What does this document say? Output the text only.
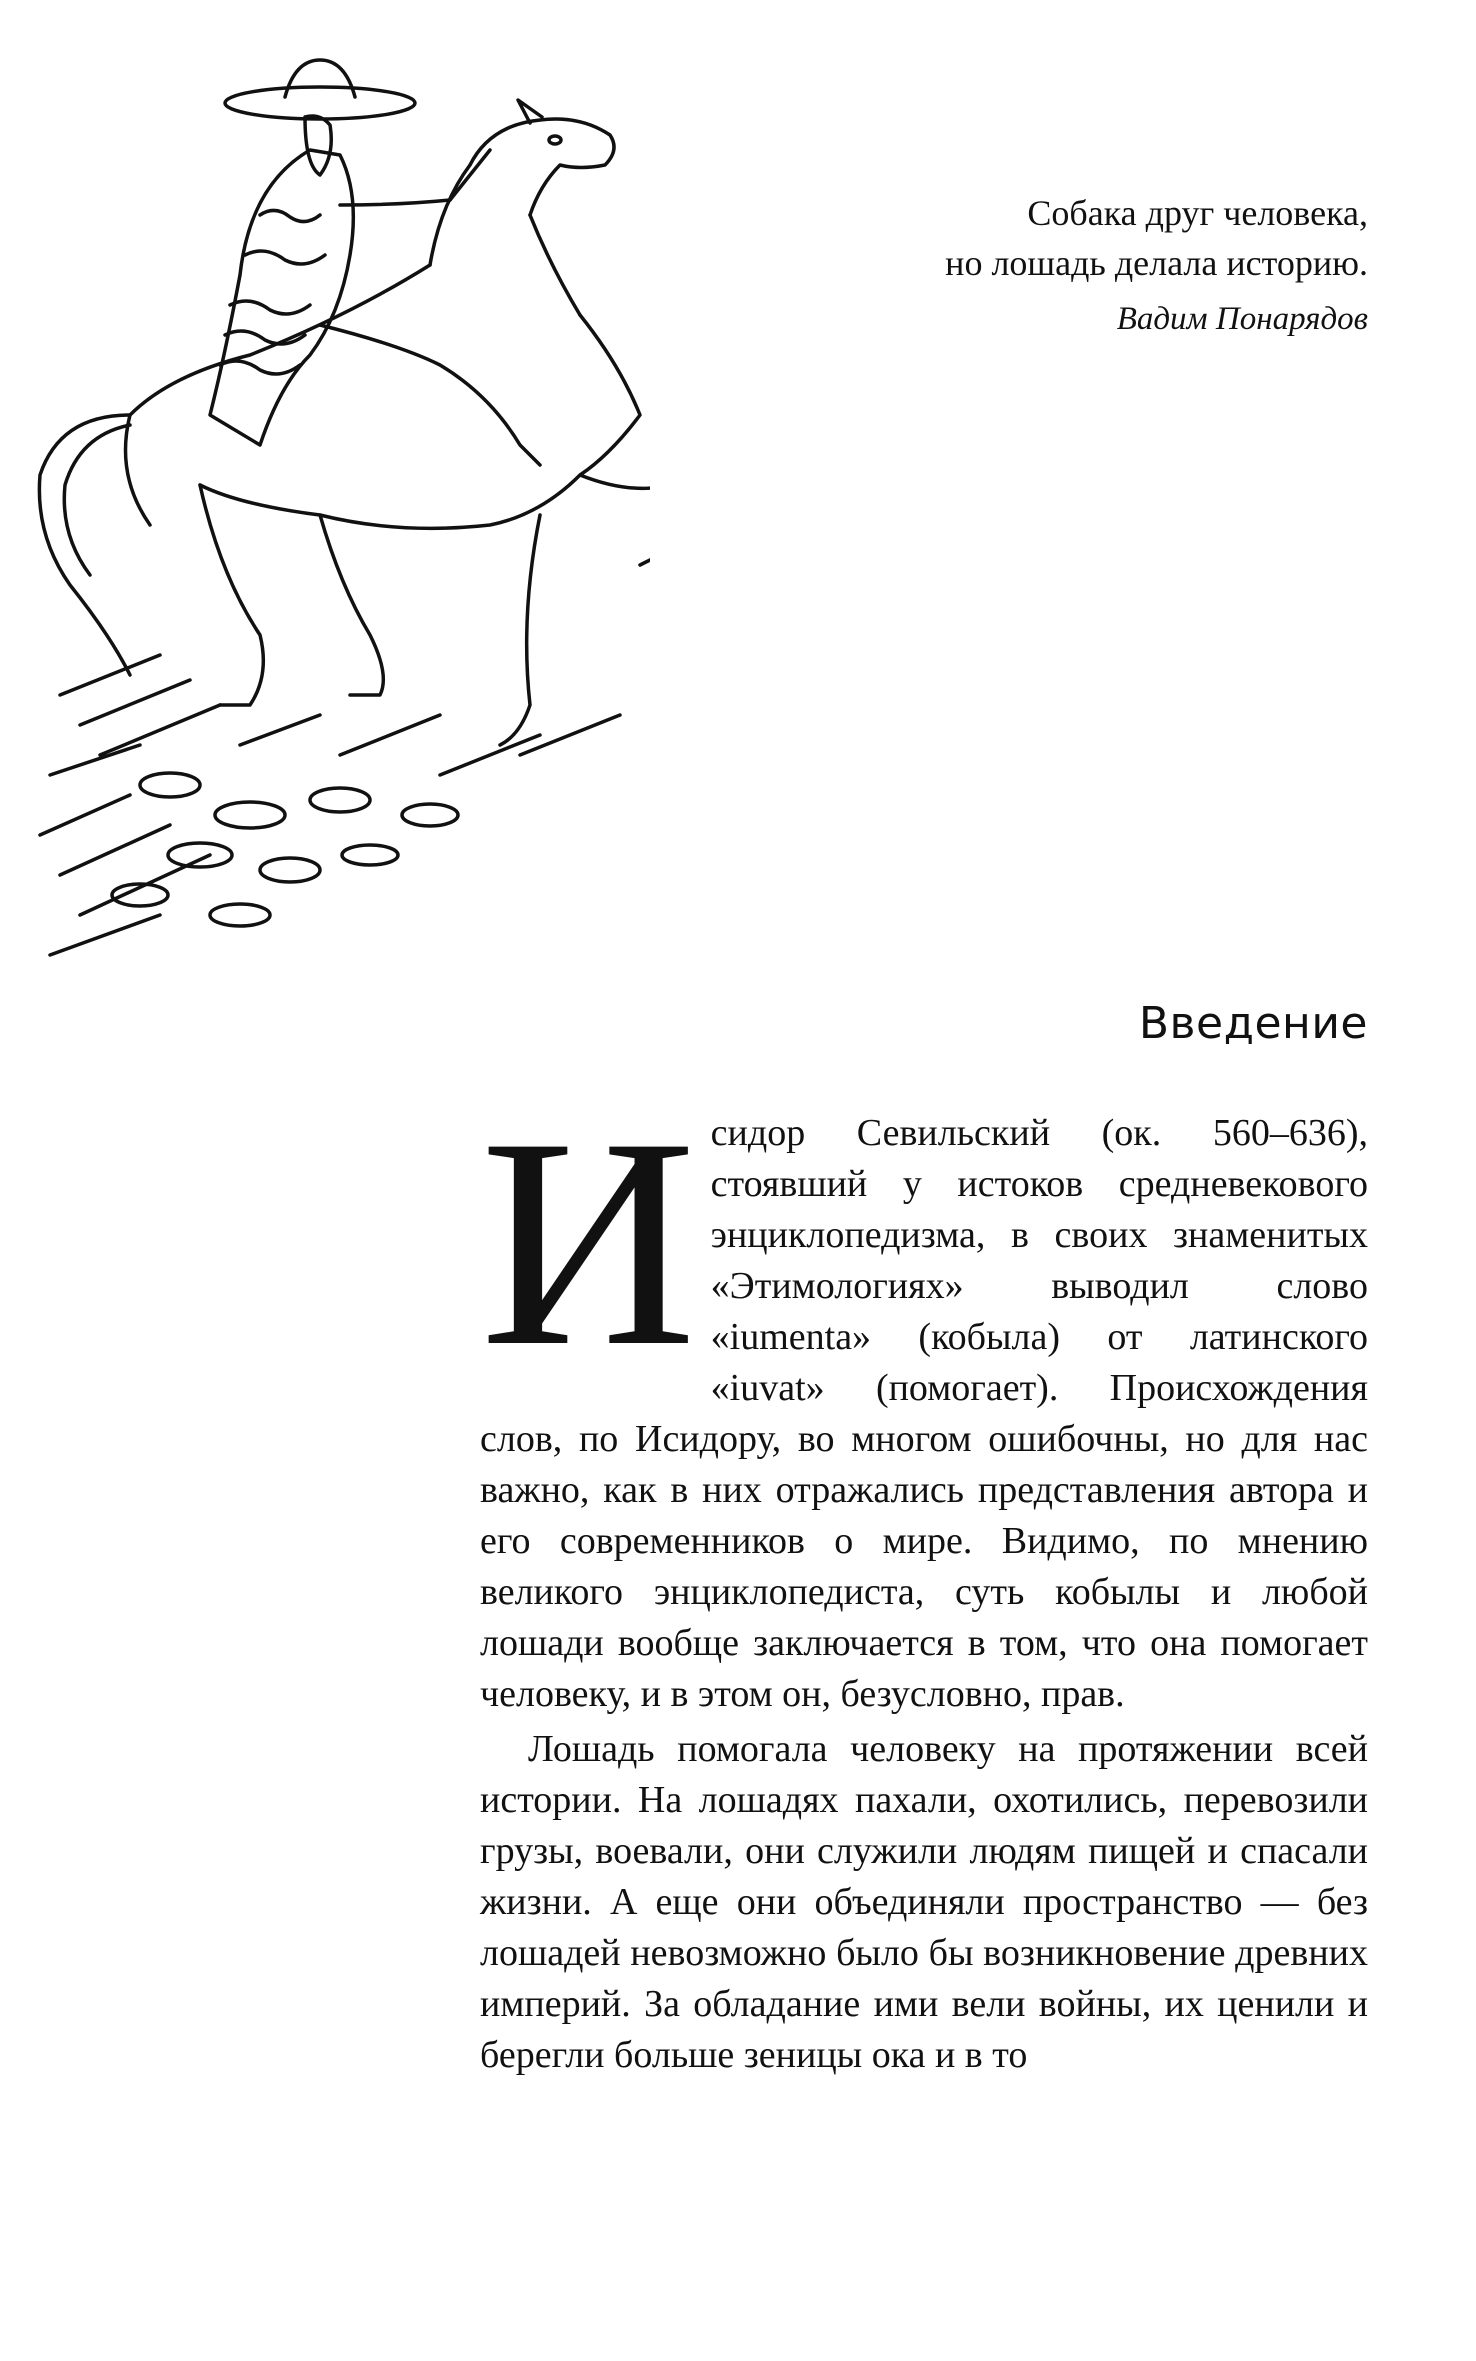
Собака друг человека,
но лошадь делала историю.
Вадим Понарядов
Введение

Исидор Севильский (ок. 560–636), стоявший у истоков средневекового энциклопедизма, в своих знаменитых «Этимологиях» выводил слово «iumenta» (кобыла) от латинского «iuvat» (помогает). Происхождения слов, по Исидору, во многом ошибочны, но для нас важно, как в них отражались представления автора и его современников о мире. Видимо, по мнению великого энциклопедиста, суть кобылы и любой лошади вообще заключается в том, что она помогает человеку, и в этом он, безусловно, прав.

Лошадь помогала человеку на протяжении всей истории. На лошадях пахали, охотились, перевозили грузы, воевали, они служили людям пищей и спасали жизни. А еще они объединяли пространство — без лошадей невозможно было бы возникновение древних империй. За обладание ими вели войны, их ценили и берегли больше зеницы ока и в то
